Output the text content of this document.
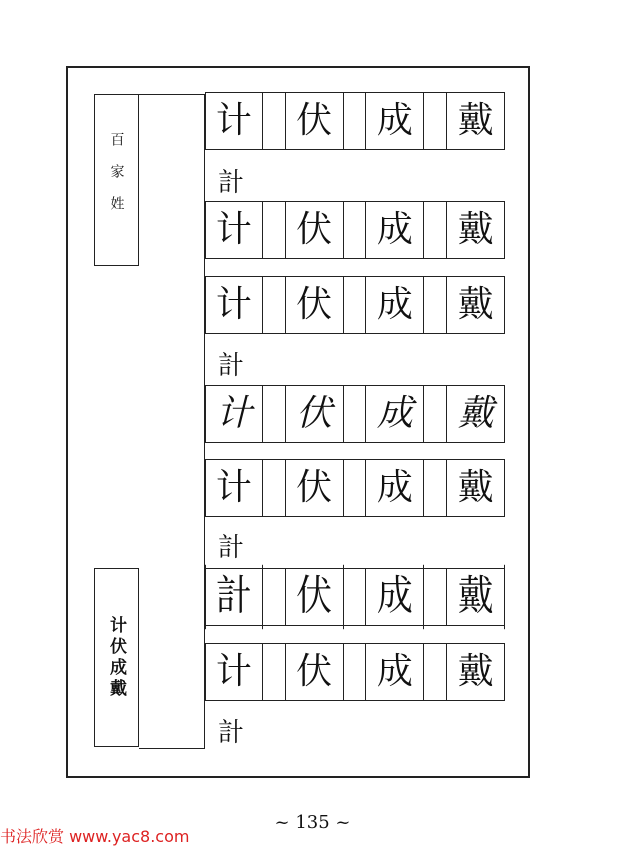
百家姓
计伏成戴
计	伏	成	戴
計
计	伏	成	戴
计	伏	成	戴
計
计	伏	成	戴
计	伏	成	戴
計
計	伏	成	戴
计	伏	成	戴
計
~ 135 ~
书法欣赏 www.yac8.com
